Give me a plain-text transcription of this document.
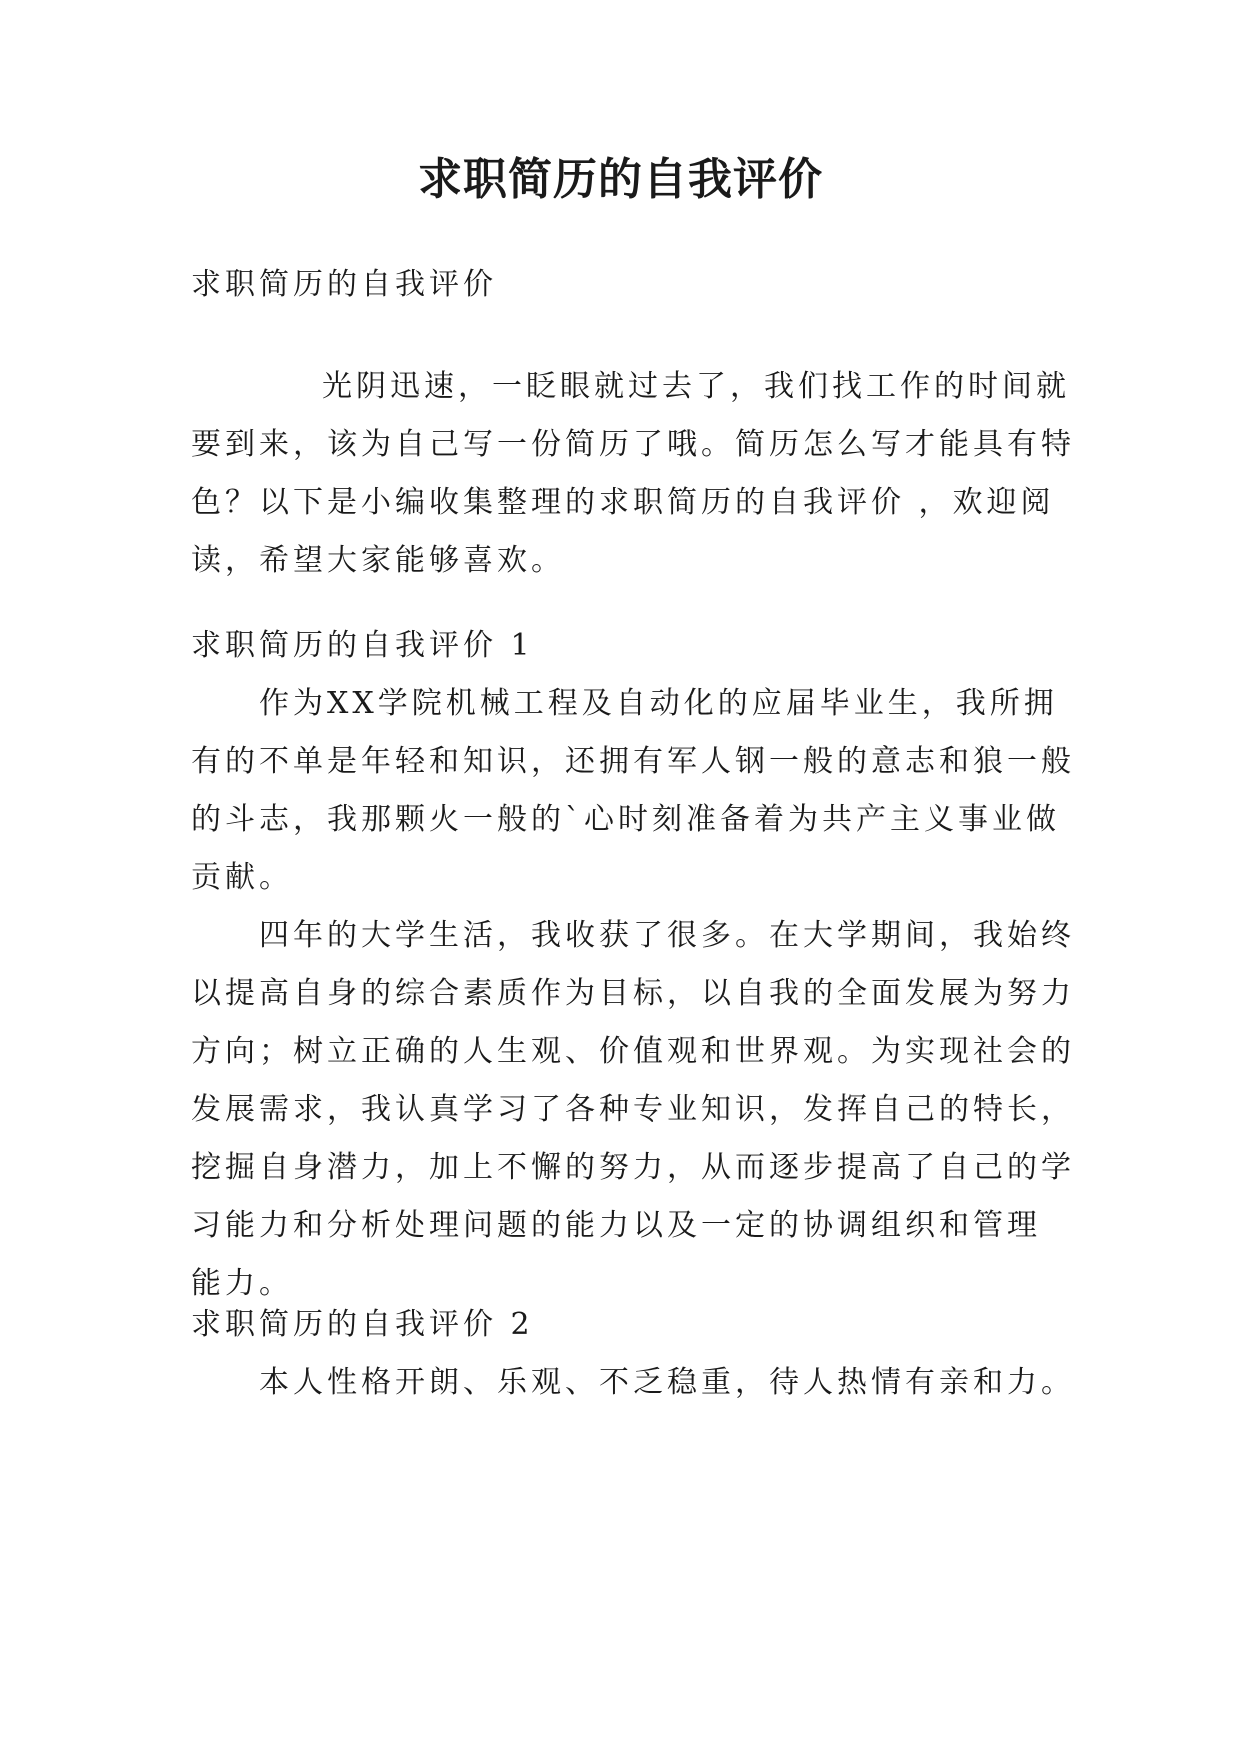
求职简历的自我评价
求职简历的自我评价
光阴迅速，一眨眼就过去了，我们找工作的时间就
要到来，该为自己写一份简历了哦。简历怎么写才能具有特
色？以下是小编收集整理的求职简历的自我评价 ，欢迎阅
读，希望大家能够喜欢。
求职简历的自我评价 1
作为XX学院机械工程及自动化的应届毕业生，我所拥
有的不单是年轻和知识，还拥有军人钢一般的意志和狼一般
的斗志，我那颗火一般的`心时刻准备着为共产主义事业做
贡献。
四年的大学生活，我收获了很多。在大学期间，我始终
以提高自身的综合素质作为目标，以自我的全面发展为努力
方向；树立正确的人生观、价值观和世界观。为实现社会的
发展需求，我认真学习了各种专业知识，发挥自己的特长，
挖掘自身潜力，加上不懈的努力，从而逐步提高了自己的学
习能力和分析处理问题的能力以及一定的协调组织和管理
能力。
求职简历的自我评价 2
本人性格开朗、乐观、不乏稳重，待人热情有亲和力。
